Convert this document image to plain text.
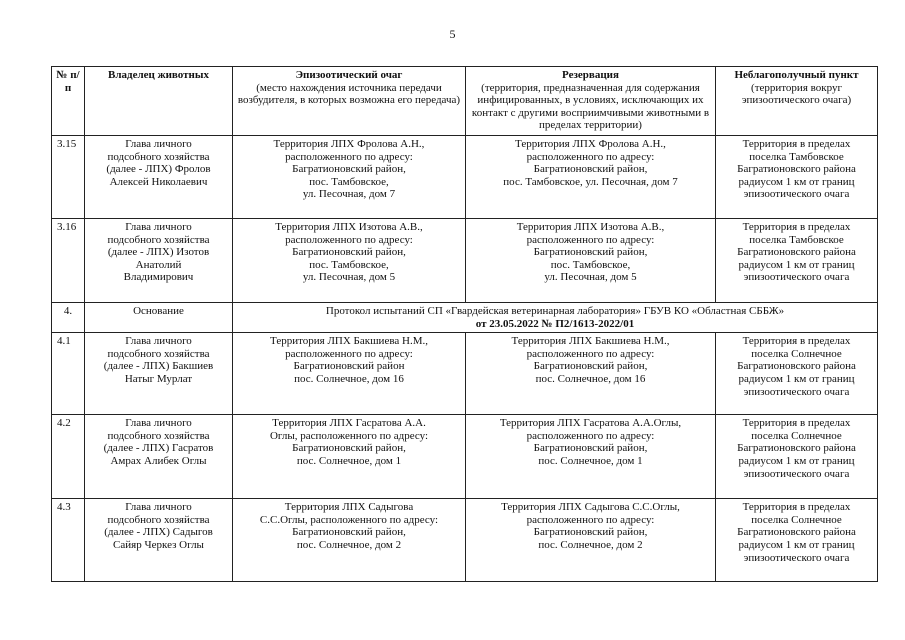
5
№ п/п	Владелец животных	Эпизоотический очаг
(место нахождения источника передачи возбудителя, в которых возможна его передача)	Резервация
(территория, предназначенная для содержания инфицированных, в условиях, исключающих их контакт с другими восприимчивыми животными в пределах территории)	Неблагополучный пункт
(территория вокруг эпизоотического очага)

3.15	Глава личного
подсобного хозяйства
(далее - ЛПХ) Фролов
Алексей Николаевич	Территория ЛПХ Фролова А.Н.,
расположенного по адресу:
Багратионовский район,
пос. Тамбовское,
ул. Песочная, дом 7	Территория ЛПХ Фролова А.Н.,
расположенного по адресу:
Багратионовский район,
пос. Тамбовское, ул. Песочная, дом 7	Территория в пределах
поселка Тамбовское
Багратионовского района
радиусом 1 км от границ
эпизоотического очага

3.16	Глава личного
подсобного хозяйства
(далее - ЛПХ) Изотов
Анатолий
Владимирович	Территория ЛПХ Изотова А.В.,
расположенного по адресу:
Багратионовский район,
пос. Тамбовское,
ул. Песочная, дом 5	Территория ЛПХ Изотова А.В.,
расположенного по адресу:
Багратионовский район,
пос. Тамбовское,
ул. Песочная, дом 5	Территория в пределах
поселка Тамбовское
Багратионовского района
радиусом 1 км от границ
эпизоотического очага

4.	Основание	Протокол испытаний СП «Гвардейская ветеринарная лаборатория» ГБУВ КО «Областная СББЖ»
от 23.05.2022 № П2/1613-2022/01		

4.1	Глава личного
подсобного хозяйства
(далее - ЛПХ) Бакшиев
Натыг Мурлат	Территория ЛПХ Бакшиева Н.М.,
расположенного по адресу:
Багратионовский район
пос. Солнечное, дом 16	Территория ЛПХ Бакшиева Н.М.,
расположенного по адресу:
Багратионовский район,
пос. Солнечное, дом 16	Территория в пределах
поселка Солнечное
Багратионовского района
радиусом 1 км от границ
эпизоотического очага

4.2	Глава личного
подсобного хозяйства
(далее - ЛПХ) Гасратов
Амрах Алибек Оглы	Территория ЛПХ Гасратова А.А.
Оглы, расположенного по адресу:
Багратионовский район,
пос. Солнечное, дом 1	Территория ЛПХ Гасратова А.А.Оглы,
расположенного по адресу:
Багратионовский район,
пос. Солнечное, дом 1	Территория в пределах
поселка Солнечное
Багратионовского района
радиусом 1 км от границ
эпизоотического очага

4.3	Глава личного
подсобного хозяйства
(далее - ЛПХ) Садыгов
Сайяр Черкез Оглы	Территория ЛПХ Садыгова
С.С.Оглы, расположенного по адресу:
Багратионовский район,
пос. Солнечное, дом 2	Территория ЛПХ Садыгова С.С.Оглы,
расположенного по адресу:
Багратионовский район,
пос. Солнечное, дом 2	Территория в пределах
поселка Солнечное
Багратионовского района
радиусом 1 км от границ
эпизоотического очага
